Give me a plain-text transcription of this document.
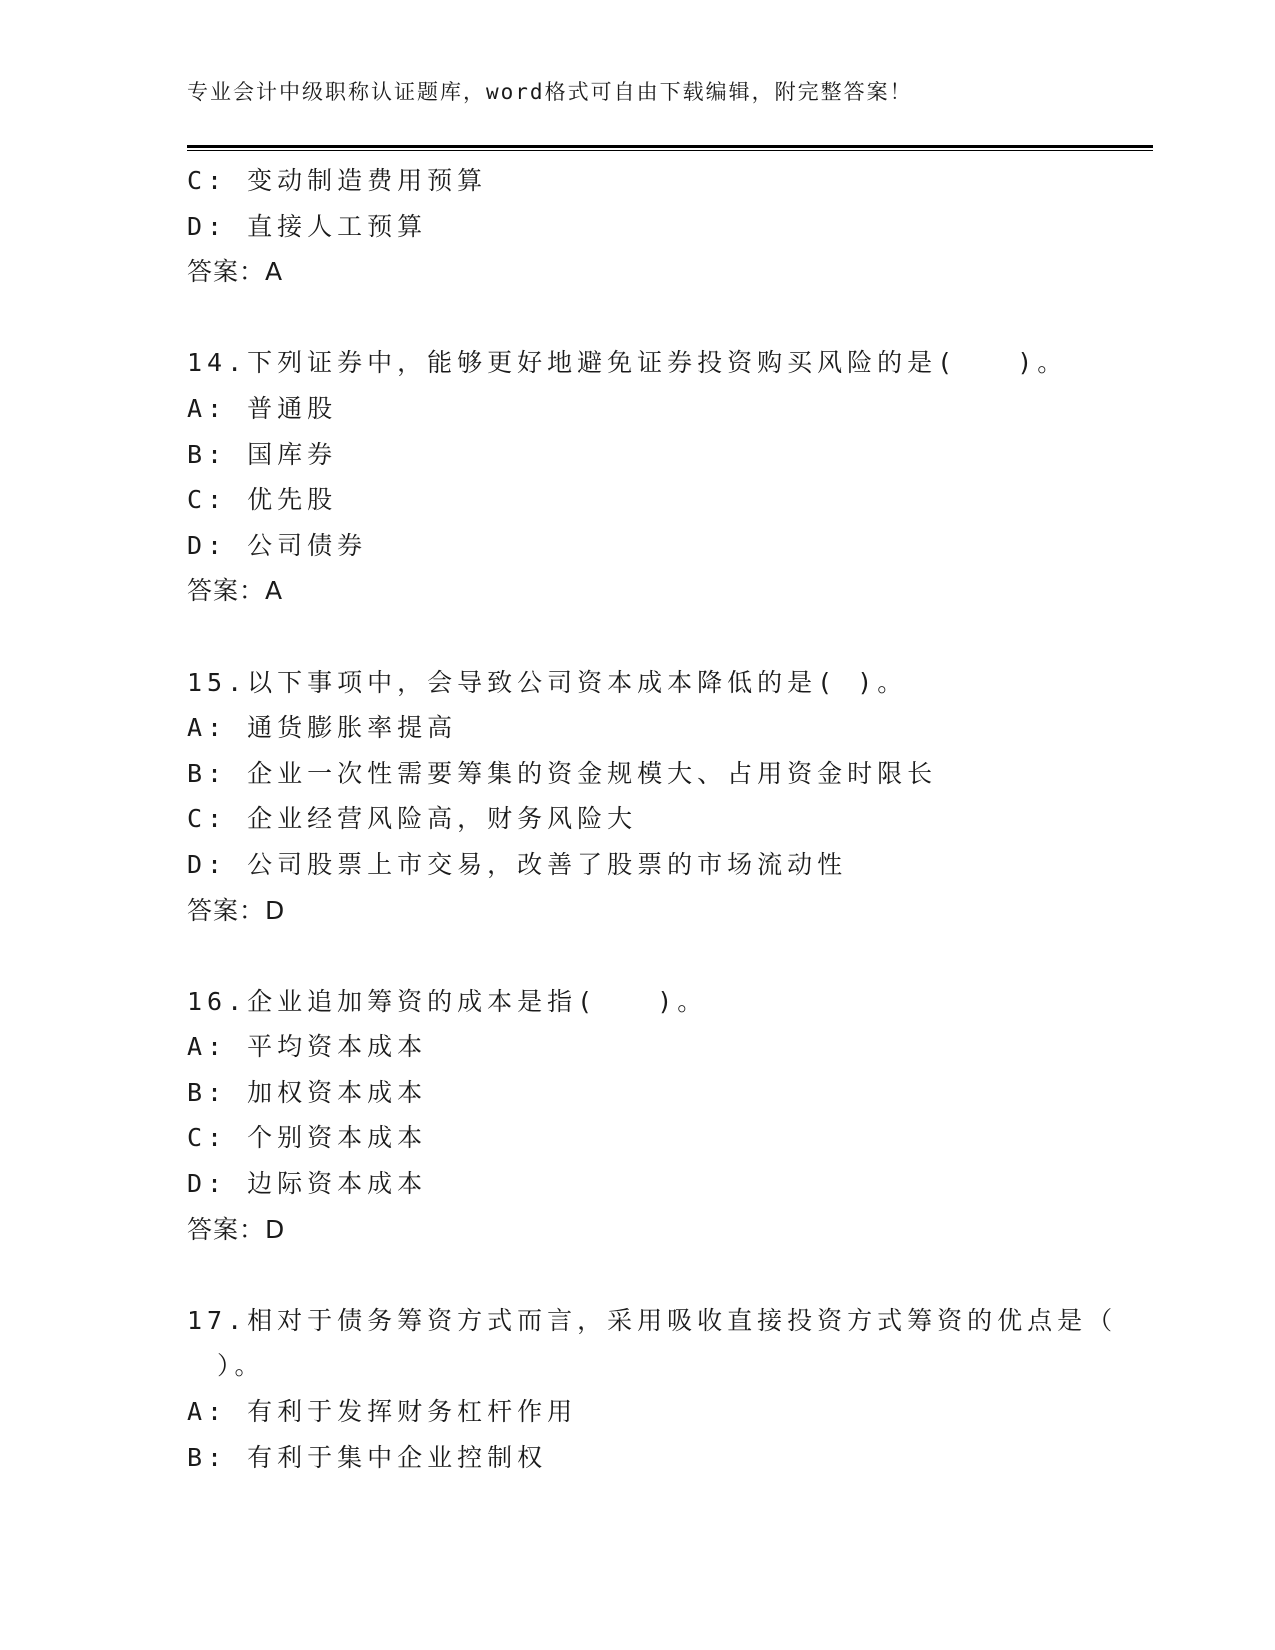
专业会计中级职称认证题库，word格式可自由下载编辑，附完整答案！
C: 变动制造费用预算
D: 直接人工预算
答案：A
14.下列证券中，能够更好地避免证券投资购买风险的是(　　)。
A: 普通股
B: 国库券
C: 优先股
D: 公司债券
答案：A
15.以下事项中，会导致公司资本成本降低的是( )。
A: 通货膨胀率提高
B: 企业一次性需要筹集的资金规模大、占用资金时限长
C: 企业经营风险高，财务风险大
D: 公司股票上市交易，改善了股票的市场流动性
答案：D
16.企业追加筹资的成本是指(　　)。
A: 平均资本成本
B: 加权资本成本
C: 个别资本成本
D: 边际资本成本
答案：D
17.相对于债务筹资方式而言，采用吸收直接投资方式筹资的优点是（
）。
A: 有利于发挥财务杠杆作用
B: 有利于集中企业控制权
